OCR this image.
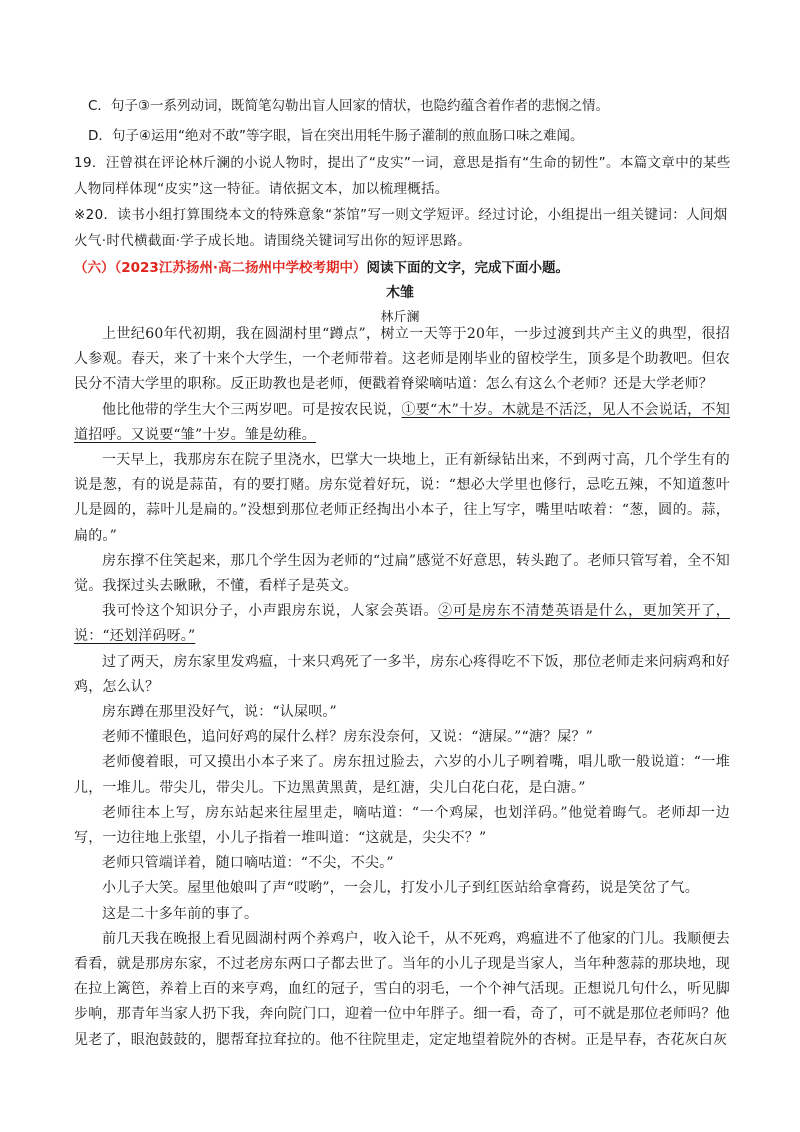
C．句子③一系列动词，既简笔勾勒出盲人回家的情状，也隐约蕴含着作者的悲悯之情。
D．句子④运用“绝对不敢”等字眼，旨在突出用牦牛肠子灌制的煎血肠口味之难闻。
19．汪曾祺在评论林斤澜的小说人物时，提出了“皮实”一词，意思是指有“生命的韧性”。本篇文章中的某些人物同样体现“皮实”这一特征。请依据文本，加以梳理概括。
※20．读书小组打算围绕本文的特殊意象“茶馆”写一则文学短评。经过讨论，小组提出一组关键词：人间烟火气·时代横截面·学子成长地。请围绕关键词写出你的短评思路。
（六）（2023江苏扬州·高二扬州中学校考期中）阅读下面的文字，完成下面小题。
木雏
林斤澜

上世纪60年代初期，我在圆湖村里“蹲点”，树立一天等于20年，一步过渡到共产主义的典型，很招人参观。春天，来了十来个大学生，一个老师带着。这老师是刚毕业的留校学生，顶多是个助教吧。但农民分不清大学里的职称。反正助教也是老师，便戳着脊梁嘀咕道：怎么有这么个老师？还是大学老师？

他比他带的学生大个三两岁吧。可是按农民说，①要“木”十岁。木就是不活泛，见人不会说话，不知道招呼。又说要“雏”十岁。雏是幼稚。

一天早上，我那房东在院子里浇水，巴掌大一块地上，正有新绿钻出来，不到两寸高，几个学生有的说是葱，有的说是蒜苗，有的要打赌。房东觉着好玩，说：“想必大学里也修行，忌吃五辣，不知道葱叶儿是圆的，蒜叶儿是扁的。”没想到那位老师正经掏出小本子，往上写字，嘴里咕哝着：“葱，圆的。蒜，扁的。”

房东撑不住笑起来，那几个学生因为老师的“过扁”感觉不好意思，转头跑了。老师只管写着，全不知觉。我探过头去瞅瞅，不懂，看样子是英文。

我可怜这个知识分子，小声跟房东说，人家会英语。②可是房东不清楚英语是什么，更加笑开了，说：“还划洋码呀。”

过了两天，房东家里发鸡瘟，十来只鸡死了一多半，房东心疼得吃不下饭，那位老师走来问病鸡和好鸡，怎么认？

房东蹲在那里没好气，说：“认屎呗。”

老师不懂眼色，追问好鸡的屎什么样？房东没奈何，又说：“溏屎。”“溏？屎？”

老师傻着眼，可又摸出小本子来了。房东扭过脸去，六岁的小儿子咧着嘴，唱儿歌一般说道：“一堆儿，一堆儿。带尖儿，带尖儿。下边黑黄黑黄，是红溏，尖儿白花白花，是白溏。”

老师往本上写，房东站起来往屋里走，嘀咕道：“一个鸡屎，也划洋码。”他觉着晦气。老师却一边写，一边往地上张望，小儿子指着一堆叫道：“这就是，尖尖不？”

老师只管端详着，随口嘀咕道：“不尖，不尖。”

小儿子大笑。屋里他娘叫了声“哎哟”，一会儿，打发小儿子到红医站给拿膏药，说是笑岔了气。

这是二十多年前的事了。

前几天我在晚报上看见圆湖村两个养鸡户，收入论千，从不死鸡，鸡瘟进不了他家的门儿。我顺便去看看，就是那房东家，不过老房东两口子都去世了。当年的小儿子现是当家人，当年种葱蒜的那块地，现在拉上篱笆，养着上百的来亨鸡，血红的冠子，雪白的羽毛，一个个神气活现。正想说几句什么，听见脚步响，那青年当家人扔下我，奔向院门口，迎着一位中年胖子。细一看，奇了，可不就是那位老师吗？他见老了，眼泡鼓鼓的，腮帮耷拉耷拉的。他不往院里走，定定地望着院外的杏树。正是早春，杏花灰白灰
